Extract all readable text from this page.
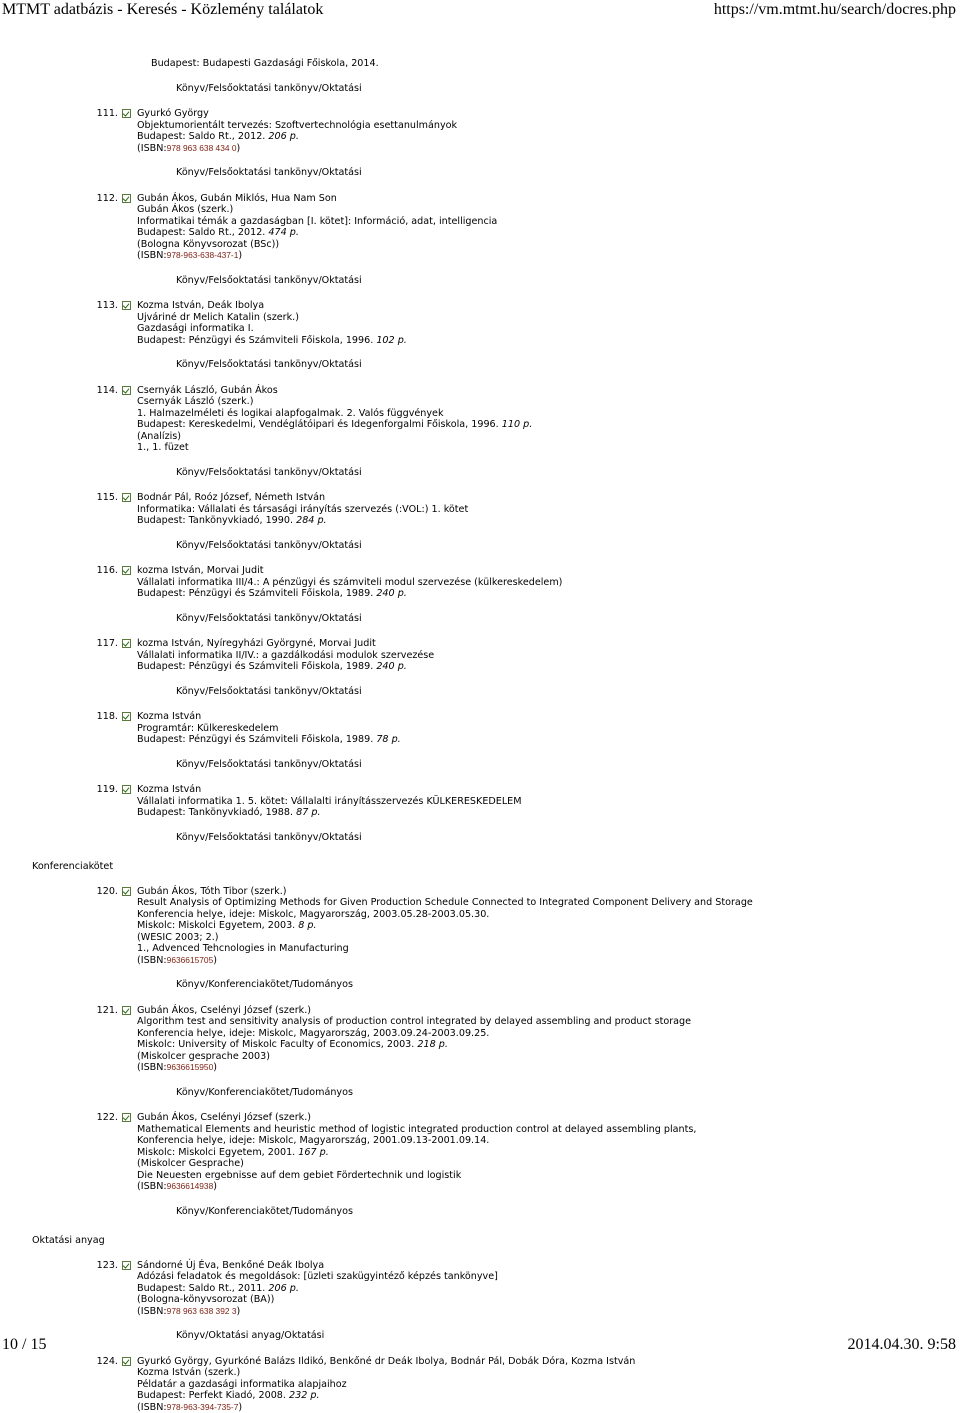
MTMT adatbázis - Keresés - Közlemény találatok	https://vm.mtmt.hu/search/docres.php
Budapest: Budapesti Gazdasági Főiskola, 2014.
Könyv/Felsőoktatási tankönyv/Oktatási
111.	Gyurkó György
Objektumorientált tervezés: Szoftvertechnológia esettanulmányok
Budapest: Saldo Rt., 2012. 206 p.
(ISBN:978 963 638 434 0)
Könyv/Felsőoktatási tankönyv/Oktatási
112.	Gubán Ákos, Gubán Miklós, Hua Nam Son
Gubán Ákos (szerk.)
Informatikai témák a gazdaságban [I. kötet]: Információ, adat, intelligencia
Budapest: Saldo Rt., 2012. 474 p.
(Bologna Könyvsorozat (BSc))
(ISBN:978-963-638-437-1)
Könyv/Felsőoktatási tankönyv/Oktatási
113.	Kozma István, Deák Ibolya
Ujváriné dr Melich Katalin (szerk.)
Gazdasági informatika I.
Budapest: Pénzügyi és Számviteli Főiskola, 1996. 102 p.
Könyv/Felsőoktatási tankönyv/Oktatási
114.	Csernyák László, Gubán Ákos
Csernyák László (szerk.)
1. Halmazelméleti és logikai alapfogalmak. 2. Valós függvények
Budapest: Kereskedelmi, Vendéglátóipari és Idegenforgalmi Főiskola, 1996. 110 p.
(Analízis)
1., 1. füzet
Könyv/Felsőoktatási tankönyv/Oktatási
115.	Bodnár Pál, Roóz József, Németh István
Informatika: Vállalati és társasági irányítás szervezés (:VOL:) 1. kötet
Budapest: Tankönyvkiadó, 1990. 284 p.
Könyv/Felsőoktatási tankönyv/Oktatási
116.	kozma István, Morvai Judit
Vállalati informatika III/4.: A pénzügyi és számviteli modul szervezése (külkereskedelem)
Budapest: Pénzügyi és Számviteli Főiskola, 1989. 240 p.
Könyv/Felsőoktatási tankönyv/Oktatási
117.	kozma István, Nyíregyházi Györgyné, Morvai Judit
Vállalati informatika II/IV.: a gazdálkodási modulok szervezése
Budapest: Pénzügyi és Számviteli Főiskola, 1989. 240 p.
Könyv/Felsőoktatási tankönyv/Oktatási
118.	Kozma István
Programtár: Külkereskedelem
Budapest: Pénzügyi és Számviteli Főiskola, 1989. 78 p.
Könyv/Felsőoktatási tankönyv/Oktatási
119.	Kozma István
Vállalati informatika 1. 5. kötet: Vállalalti irányításszervezés KÜLKERESKEDELEM
Budapest: Tankönyvkiadó, 1988. 87 p.
Könyv/Felsőoktatási tankönyv/Oktatási
Konferenciakötet
120.	Gubán Ákos, Tóth Tibor (szerk.)
Result Analysis of Optimizing Methods for Given Production Schedule Connected to Integrated Component Delivery and Storage
Konferencia helye, ideje: Miskolc, Magyarország, 2003.05.28-2003.05.30.
Miskolc: Miskolci Egyetem, 2003. 8 p.
(WESIC 2003; 2.)
1., Advenced Tehcnologies in Manufacturing
(ISBN:9636615705)
Könyv/Konferenciakötet/Tudományos
121.	Gubán Ákos, Cselényi József (szerk.)
Algorithm test and sensitivity analysis of production control integrated by delayed assembling and product storage
Konferencia helye, ideje: Miskolc, Magyarország, 2003.09.24-2003.09.25.
Miskolc: University of Miskolc Faculty of Economics, 2003. 218 p.
(Miskolcer gesprache 2003)
(ISBN:9636615950)
Könyv/Konferenciakötet/Tudományos
122.	Gubán Ákos, Cselényi József (szerk.)
Mathematical Elements and heuristic method of logistic integrated production control at delayed assembling plants,
Konferencia helye, ideje: Miskolc, Magyarország, 2001.09.13-2001.09.14.
Miskolc: Miskolci Egyetem, 2001. 167 p.
(Miskolcer Gesprache)
Die Neuesten ergebnisse auf dem gebiet Fördertechnik und logistik
(ISBN:9636614938)
Könyv/Konferenciakötet/Tudományos
Oktatási anyag
123.	Sándorné Új Éva, Benkőné Deák Ibolya
Adózási feladatok és megoldások: [üzleti szakügyintéző képzés tankönyve]
Budapest: Saldo Rt., 2011. 206 p.
(Bologna-könyvsorozat (BA))
(ISBN:978 963 638 392 3)
Könyv/Oktatási anyag/Oktatási
124.	Gyurkó György, Gyurkóné Balázs Ildikó, Benkőné dr Deák Ibolya, Bodnár Pál, Dobák Dóra, Kozma István
Kozma István (szerk.)
Példatár a gazdasági informatika alapjaihoz
Budapest: Perfekt Kiadó, 2008. 232 p.
(ISBN:978-963-394-735-7)
10 / 15	2014.04.30. 9:58
